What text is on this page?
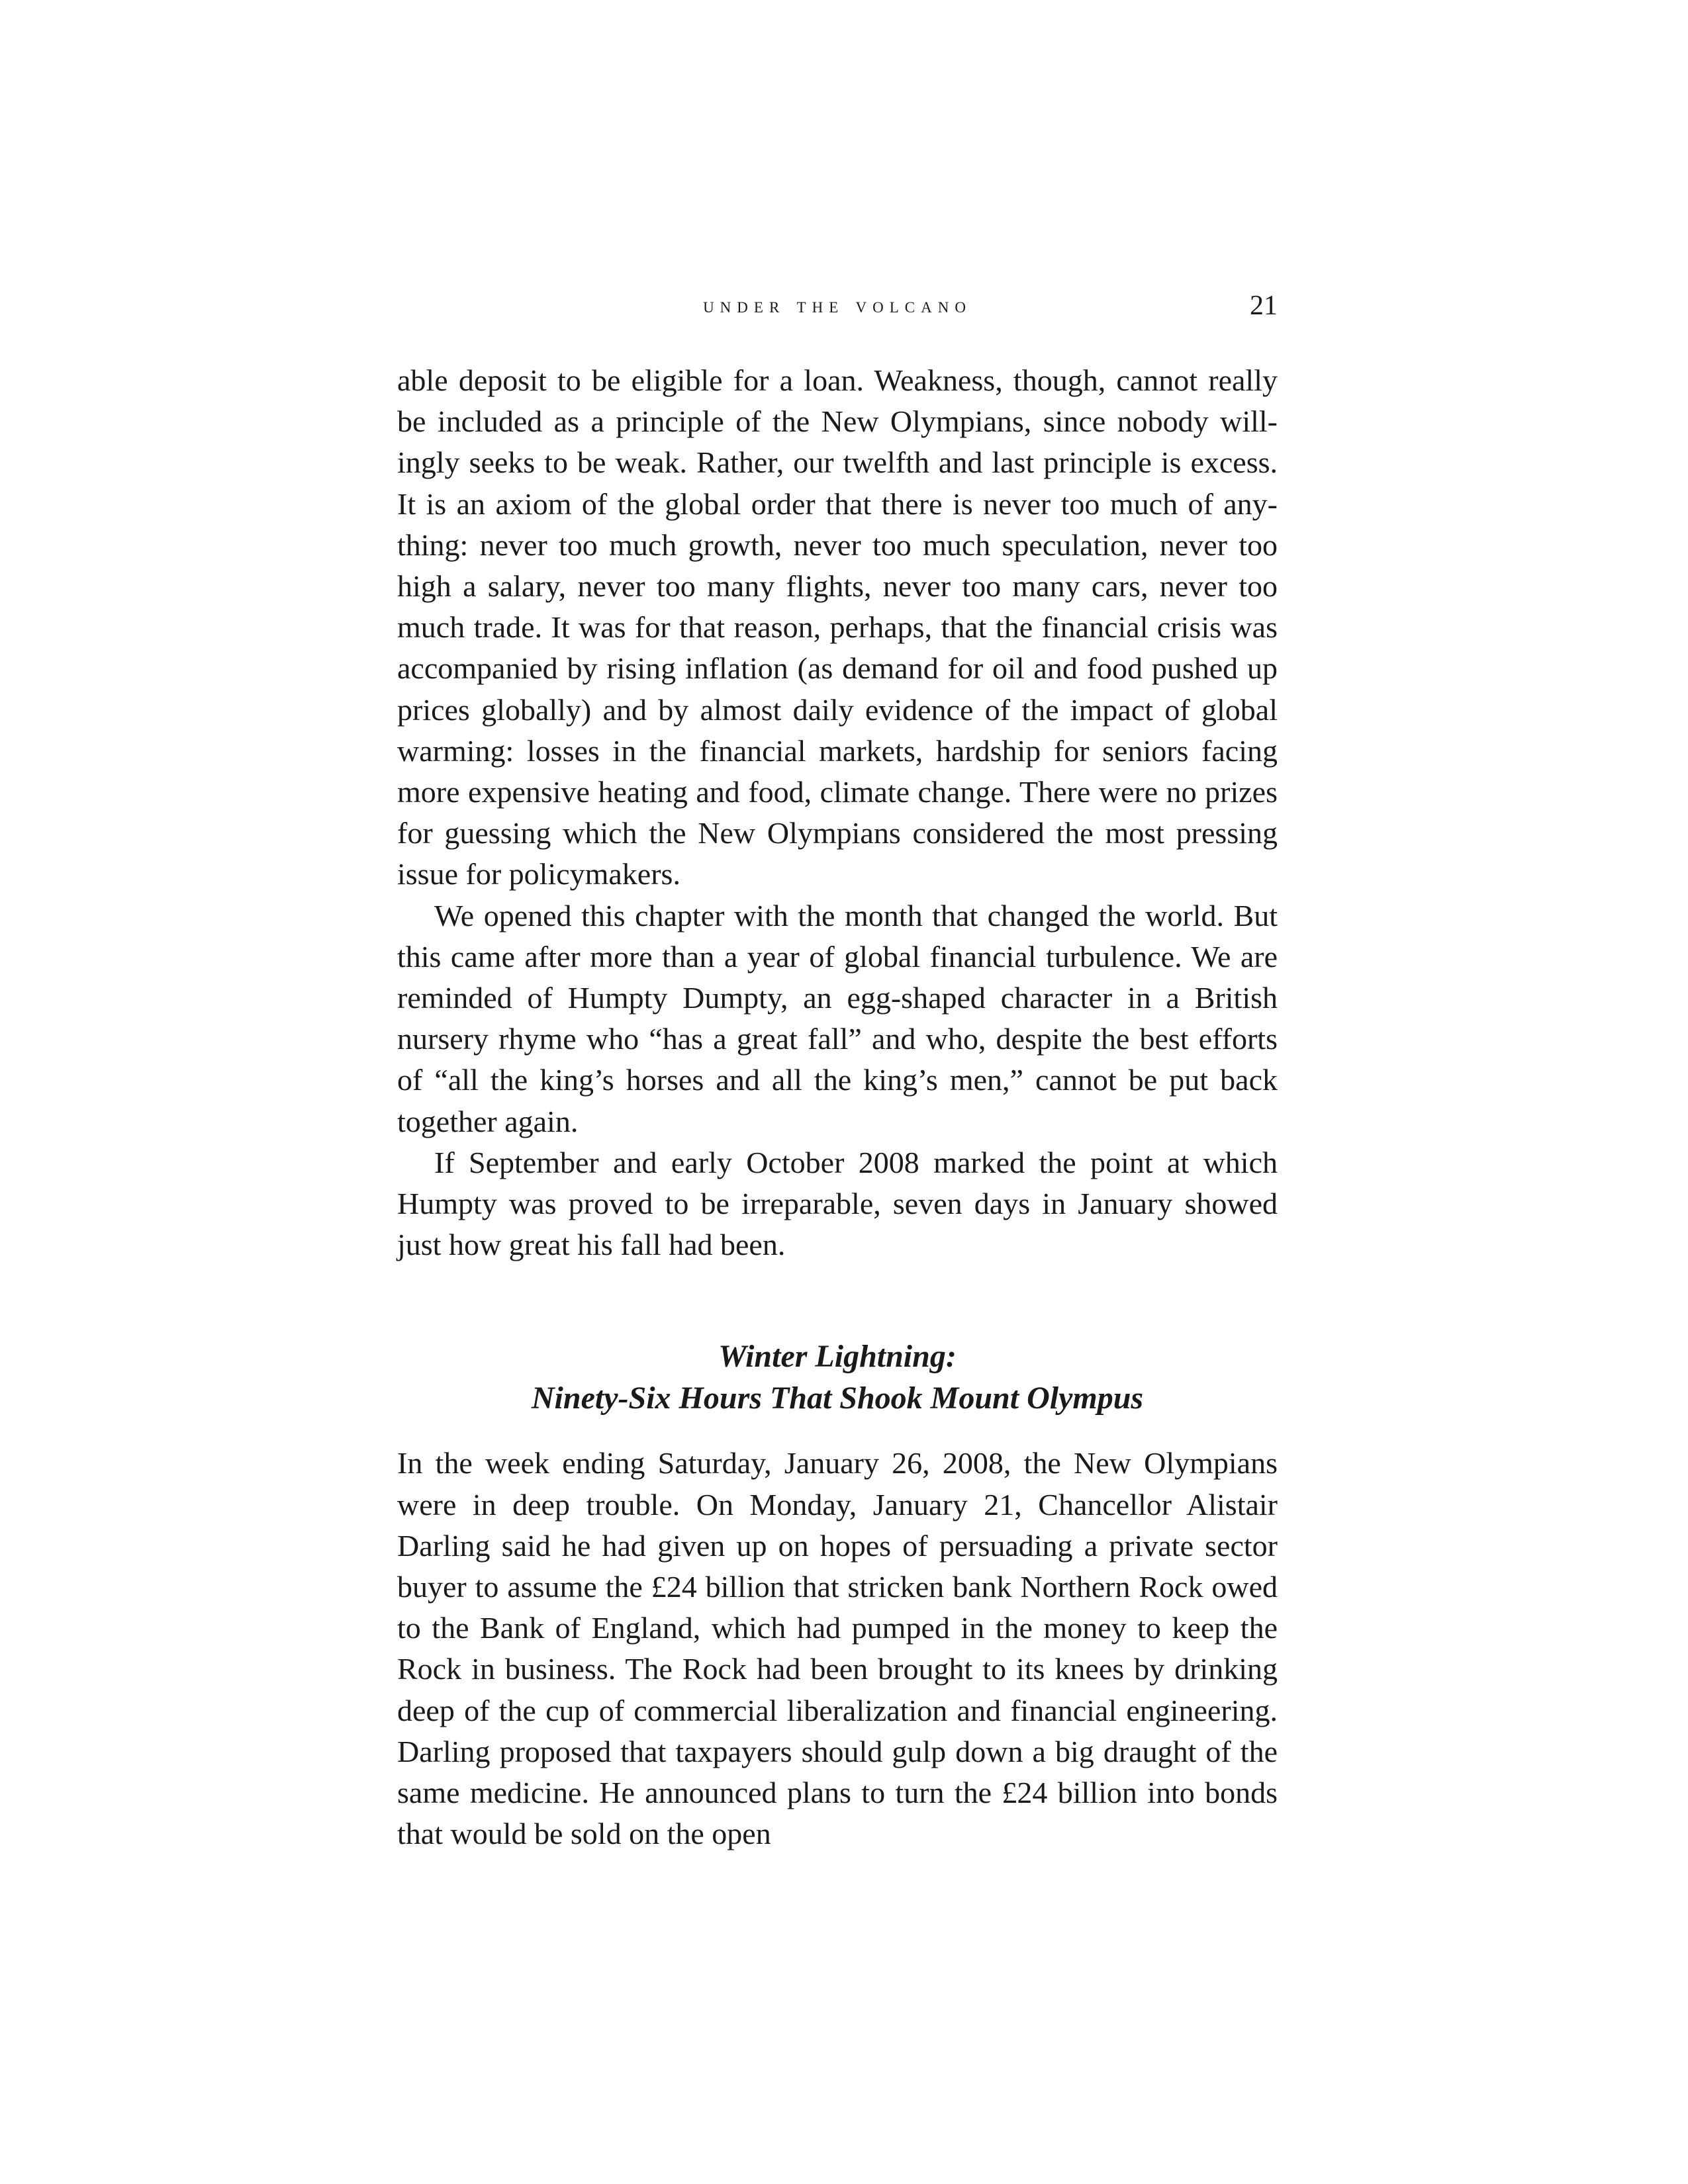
under the volcano	21

able deposit to be eligible for a loan. Weakness, though, cannot really be included as a principle of the New Olympians, since nobody willingly seeks to be weak. Rather, our twelfth and last principle is excess. It is an axiom of the global order that there is never too much of anything: never too much growth, never too much speculation, never too high a salary, never too many flights, never too many cars, never too much trade. It was for that reason, perhaps, that the financial crisis was accompanied by rising inflation (as demand for oil and food pushed up prices globally) and by almost daily evidence of the impact of global warming: losses in the financial markets, hardship for seniors facing more expensive heating and food, climate change. There were no prizes for guessing which the New Olympians considered the most pressing issue for policymakers.

We opened this chapter with the month that changed the world. But this came after more than a year of global financial turbulence. We are reminded of Humpty Dumpty, an egg-shaped character in a British nursery rhyme who “has a great fall” and who, despite the best efforts of “all the king’s horses and all the king’s men,” cannot be put back together again.

If September and early October 2008 marked the point at which Humpty was proved to be irreparable, seven days in January showed just how great his fall had been.

Winter Lightning:
Ninety-Six Hours That Shook Mount Olympus

In the week ending Saturday, January 26, 2008, the New Olympians were in deep trouble. On Monday, January 21, Chancellor Alistair Darling said he had given up on hopes of persuading a private sector buyer to assume the £24 billion that stricken bank Northern Rock owed to the Bank of England, which had pumped in the money to keep the Rock in business. The Rock had been brought to its knees by drinking deep of the cup of commercial liberalization and financial engineering. Darling proposed that taxpayers should gulp down a big draught of the same medicine. He announced plans to turn the £24 billion into bonds that would be sold on the open
